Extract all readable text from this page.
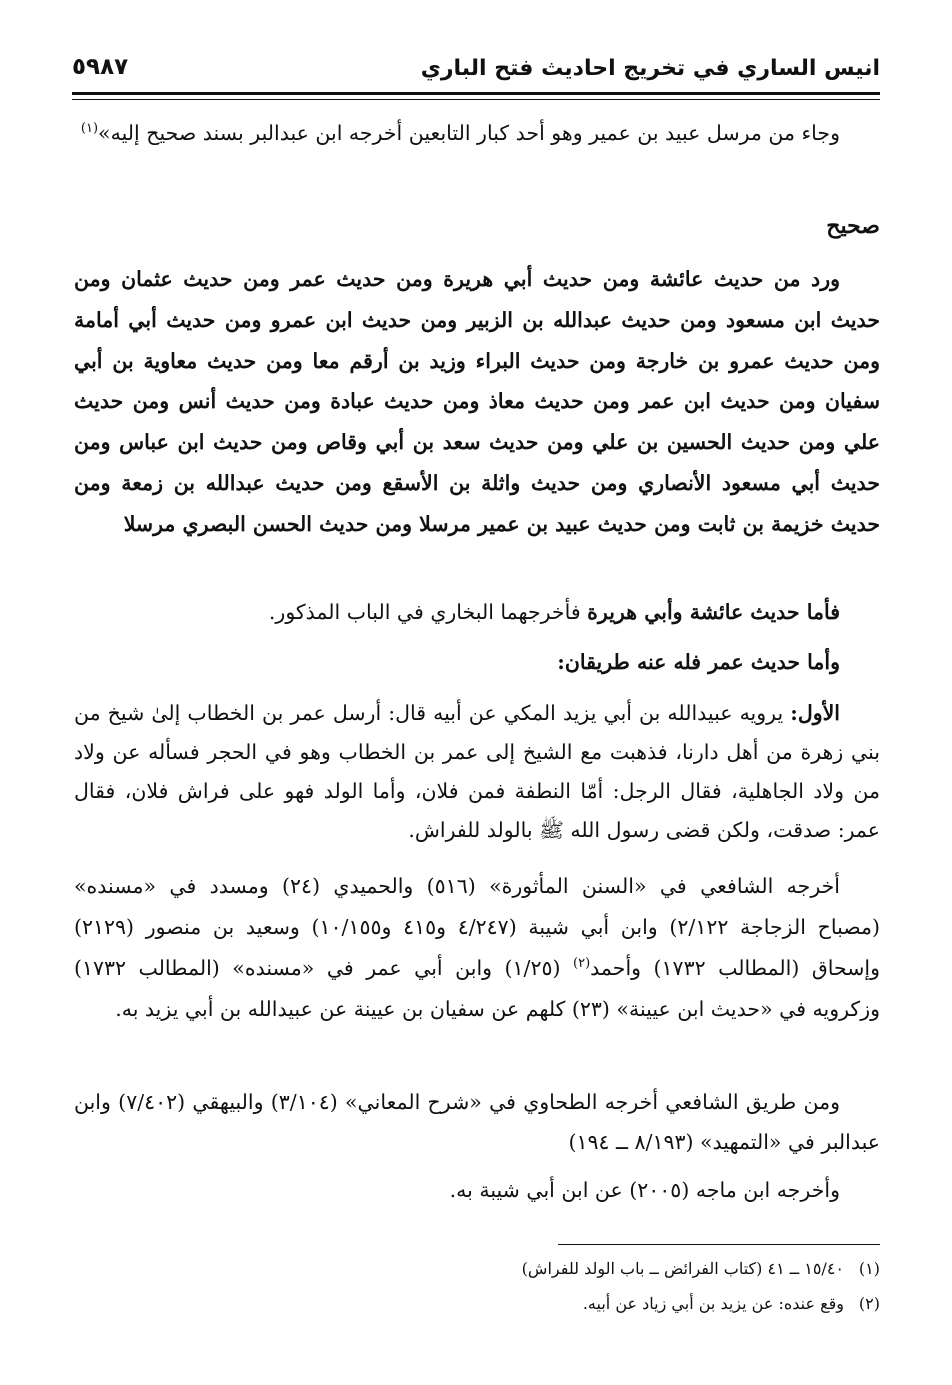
انيس الساري في تخريج احاديث فتح الباري
٥٩٨٧
وجاء من مرسل عبيد بن عمير وهو أحد كبار التابعين أخرجه ابن عبدالبر بسند صحيح إليه»$^{(١)}$
صحيح
ورد من حديث عائشة ومن حديث أبي هريرة ومن حديث عمر ومن حديث عثمان ومن حديث ابن مسعود ومن حديث عبدالله بن الزبير ومن حديث ابن عمرو ومن حديث أبي أمامة ومن حديث عمرو بن خارجة ومن حديث البراء وزيد بن أرقم معا ومن حديث معاوية بن أبي سفيان ومن حديث ابن عمر ومن حديث معاذ ومن حديث عبادة ومن حديث أنس ومن حديث علي ومن حديث الحسين بن علي ومن حديث سعد بن أبي وقاص ومن حديث ابن عباس ومن حديث أبي مسعود الأنصاري ومن حديث واثلة بن الأسقع ومن حديث عبدالله بن زمعة ومن حديث خزيمة بن ثابت ومن حديث عبيد بن عمير مرسلا ومن حديث الحسن البصري مرسلا
فأما حديث عائشة وأبي هريرة فأخرجهما البخاري في الباب المذكور.
وأما حديث عمر فله عنه طريقان:
الأول: يرويه عبيدالله بن أبي يزيد المكي عن أبيه قال: أرسل عمر بن الخطاب إلىٰ شيخ من بني زهرة من أهل دارنا، فذهبت مع الشيخ إلى عمر بن الخطاب وهو في الحجر فسأله عن ولاد من ولاد الجاهلية، فقال الرجل: أمّا النطفة فمن فلان، وأما الولد فهو على فراش فلان، فقال عمر: صدقت، ولكن قضى رسول الله ﷺ بالولد للفراش.
أخرجه الشافعي في «السنن المأثورة» (٥١٦) والحميدي (٢٤) ومسدد في «مسنده» (مصباح الزجاجة ٢/١٢٢) وابن أبي شيبة (٤/٢٤٧ و٤١٥ و١٠/١٥٥) وسعيد بن منصور (٢١٢٩) وإسحاق (المطالب ١٧٣٢) وأحمد$^{(٢)}$ (١/٢٥) وابن أبي عمر في «مسنده» (المطالب ١٧٣٢) وزكرويه في «حديث ابن عيينة» (٢٣) كلهم عن سفيان بن عيينة عن عبيدالله بن أبي يزيد به.
ومن طريق الشافعي أخرجه الطحاوي في «شرح المعاني» (٣/١٠٤) والبيهقي (٧/٤٠٢) وابن عبدالبر في «التمهيد» (٨/١٩٣ ــ ١٩٤)
وأخرجه ابن ماجه (٢٠٠٥) عن ابن أبي شيبة به.
(١)١٥/٤٠ ــ ٤١ (كتاب الفرائض ــ باب الولد للفراش)
(٢)وقع عنده: عن يزيد بن أبي زياد عن أبيه.
